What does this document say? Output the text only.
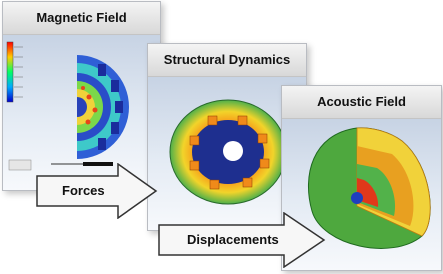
Magnetic Field
Structural Dynamics
Acoustic Field
Forces
Displacements
